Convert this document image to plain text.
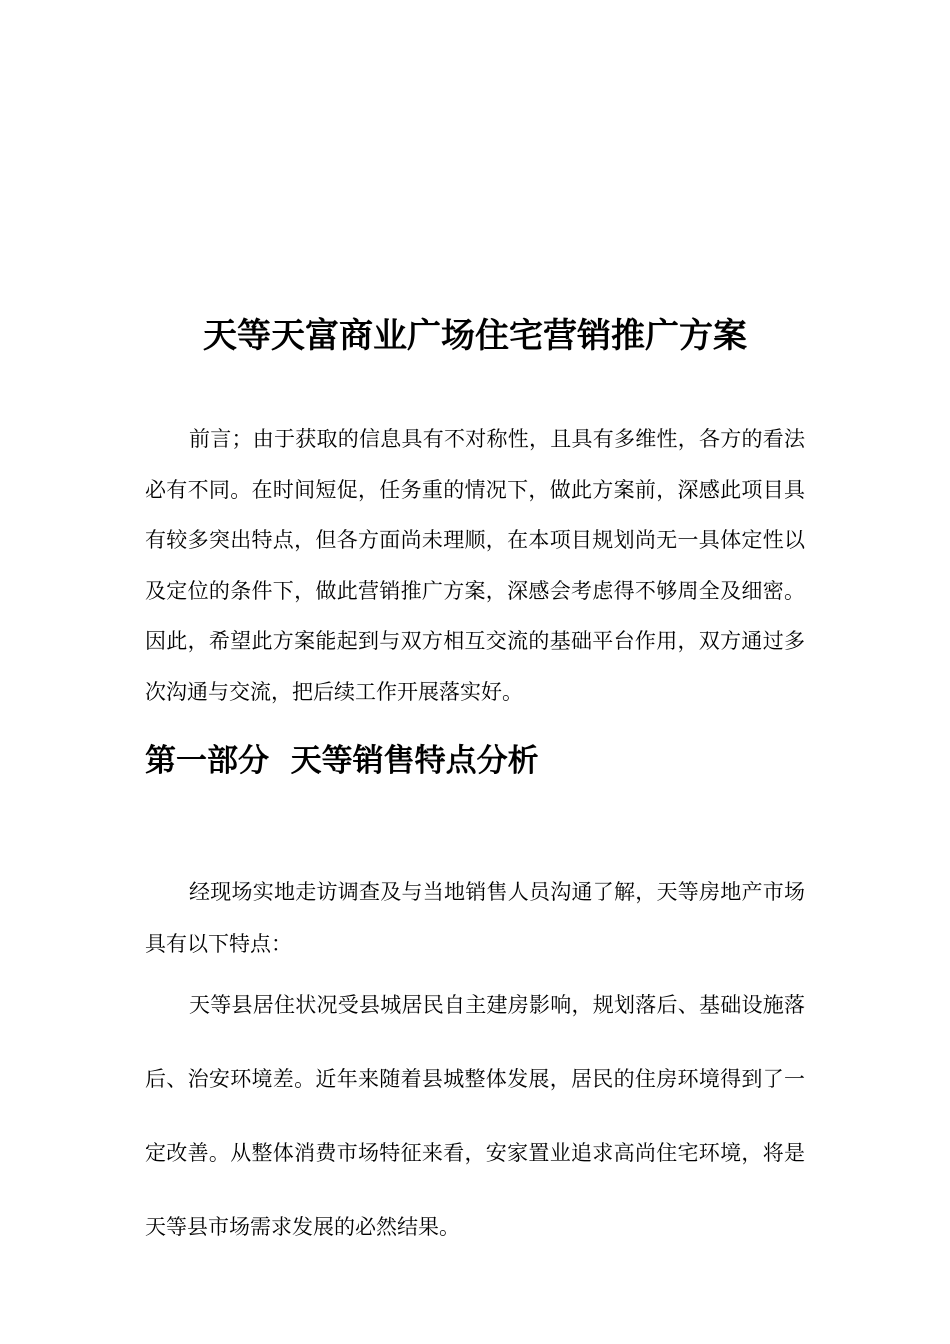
天等天富商业广场住宅营销推广方案

前言；由于获取的信息具有不对称性，且具有多维性，各方的看法必有不同。在时间短促，任务重的情况下，做此方案前，深感此项目具有较多突出特点，但各方面尚未理顺，在本项目规划尚无一具体定性以及定位的条件下，做此营销推广方案，深感会考虑得不够周全及细密。因此，希望此方案能起到与双方相互交流的基础平台作用，双方通过多次沟通与交流，把后续工作开展落实好。

第一部分  天等销售特点分析

经现场实地走访调查及与当地销售人员沟通了解，天等房地产市场具有以下特点：

天等县居住状况受县城居民自主建房影响，规划落后、基础设施落后、治安环境差。近年来随着县城整体发展，居民的住房环境得到了一定改善。从整体消费市场特征来看，安家置业追求高尚住宅环境，将是天等县市场需求发展的必然结果。
